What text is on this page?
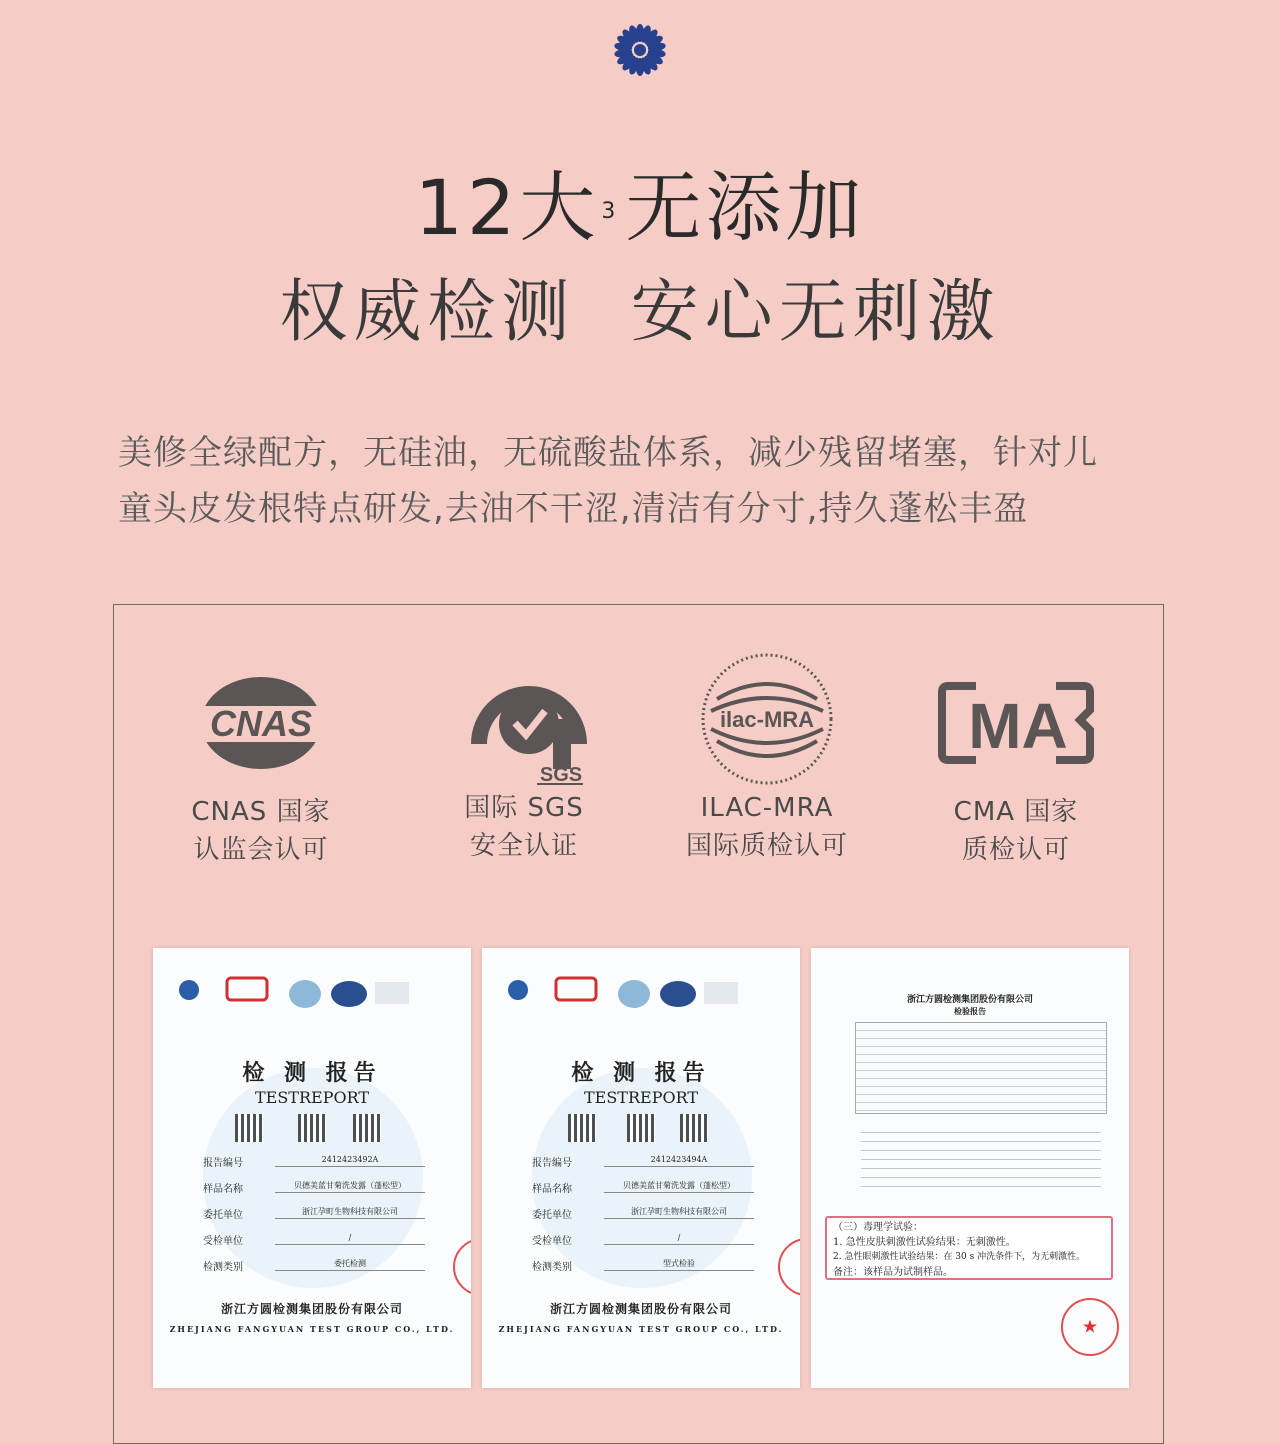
12大$^3$无添加
权威检测  安心无刺激

美修全绿配方，无硅油，无硫酸盐体系，减少残留堵塞，针对儿

童头皮发根特点研发,去油不干涩,清洁有分寸,持久蓬松丰盈

CNAS

CNAS 国家

认监会认可

SGS

国际 SGS

安全认证

ilac-MRA

ILAC-MRA

国际质检认可

MA

CMA 国家

质检认可

检 测 报告
TESTREPORT
报告编号	2412423492A
样品名称	贝德美蓝甘菊洗发露（蓬松型）
委托单位	浙江孕町生物科技有限公司
受检单位	/
检测类别	委托检测
浙江方圆检测集团股份有限公司
ZHEJIANG FANGYUAN TEST GROUP CO., LTD.
★
检 测 报告
TESTREPORT
报告编号	2412423494A
样品名称	贝德美蓝甘菊洗发露（蓬松型）
委托单位	浙江孕町生物科技有限公司
受检单位	/
检测类别	型式检验
浙江方圆检测集团股份有限公司
ZHEJIANG FANGYUAN TEST GROUP CO., LTD.
★
浙江方圆检测集团股份有限公司
检验报告

（三）毒理学试验：

1. 急性皮肤刺激性试验结果：无刺激性。

2. 急性眼刺激性试验结果：在 30 s 冲洗条件下，为无刺激性。

备注：该样品为试制样品。

★
